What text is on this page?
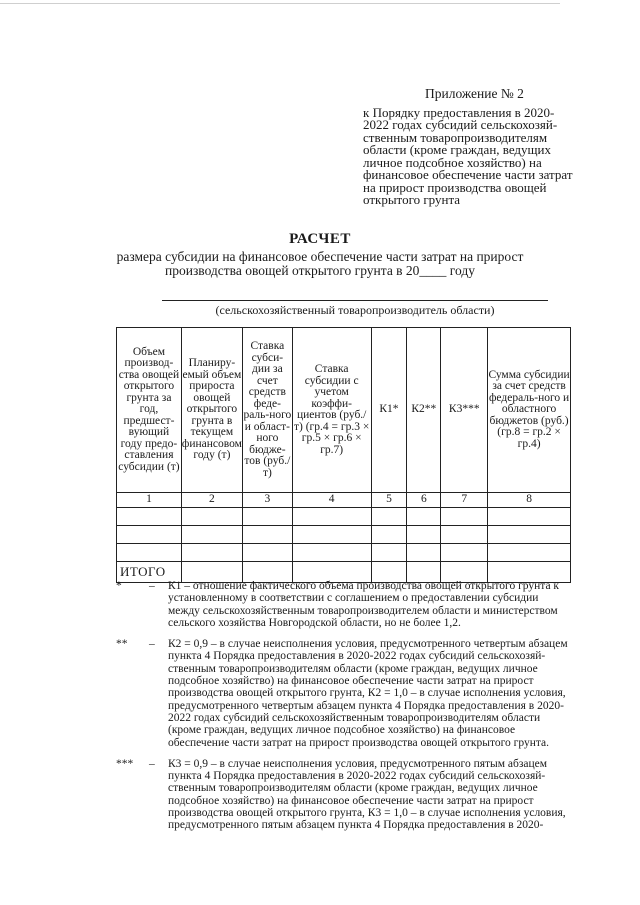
Приложение № 2
к Порядку предоставления в 2020-
2022 годах субсидий сельскохозяй-
ственным товаропроизводителям
области (кроме граждан, ведущих
личное подсобное хозяйство) на
финансовое обеспечение части затрат
на прирост производства овощей
открытого грунта
РАСЧЕТ
размера субсидии на финансовое обеспечение части затрат на прирост
производства овощей открытого грунта в 20____ году
(сельскохозяйственный товаропроизводитель области)
Объем производ-ства овощей открытого грунта за год, предшест-вующий году предо-ставления субсидии (т)	Планиру-емый объем прироста овощей открытого грунта в текущем финансовом году (т)	Ставка субси-дии за счет средств феде-раль-ного и област-ного бюдже-тов (руб./т)	Ставка субсидии с учетом коэффи-циентов (руб./т) (гр.4 = гр.3 × гр.5 × гр.6 × гр.7)	К1*	К2**	К3***	Сумма субсидии за счет средств федераль-ного и областного бюджетов (руб.) (гр.8 = гр.2 × гр.4)
1	2	3	4	5	6	7	8

ИТОГО							
*	– К1 – отношение фактического объема производства овощей открытого грунта к
установленному в соответствии с соглашением о предоставлении субсидии
между сельскохозяйственным товаропроизводителем области и министерством
сельского хозяйства Новгородской области, но не более 1,2.
**	– К2 = 0,9 – в случае неисполнения условия, предусмотренного четвертым абзацем
пункта 4 Порядка предоставления в 2020-2022 годах субсидий сельскохозяй-
ственным товаропроизводителям области (кроме граждан, ведущих личное
подсобное хозяйство) на финансовое обеспечение части затрат на прирост
производства овощей открытого грунта, К2 = 1,0 – в случае исполнения условия,
предусмотренного четвертым абзацем пункта 4 Порядка предоставления в 2020-
2022 годах субсидий сельскохозяйственным товаропроизводителям области
(кроме граждан, ведущих личное подсобное хозяйство) на финансовое
обеспечение части затрат на прирост производства овощей открытого грунта.
***	– К3 = 0,9 – в случае неисполнения условия, предусмотренного пятым абзацем
пункта 4 Порядка предоставления в 2020-2022 годах субсидий сельскохозяй-
ственным товаропроизводителям области (кроме граждан, ведущих личное
подсобное хозяйство) на финансовое обеспечение части затрат на прирост
производства овощей открытого грунта, К3 = 1,0 – в случае исполнения условия,
предусмотренного пятым абзацем пункта 4 Порядка предоставления в 2020-
